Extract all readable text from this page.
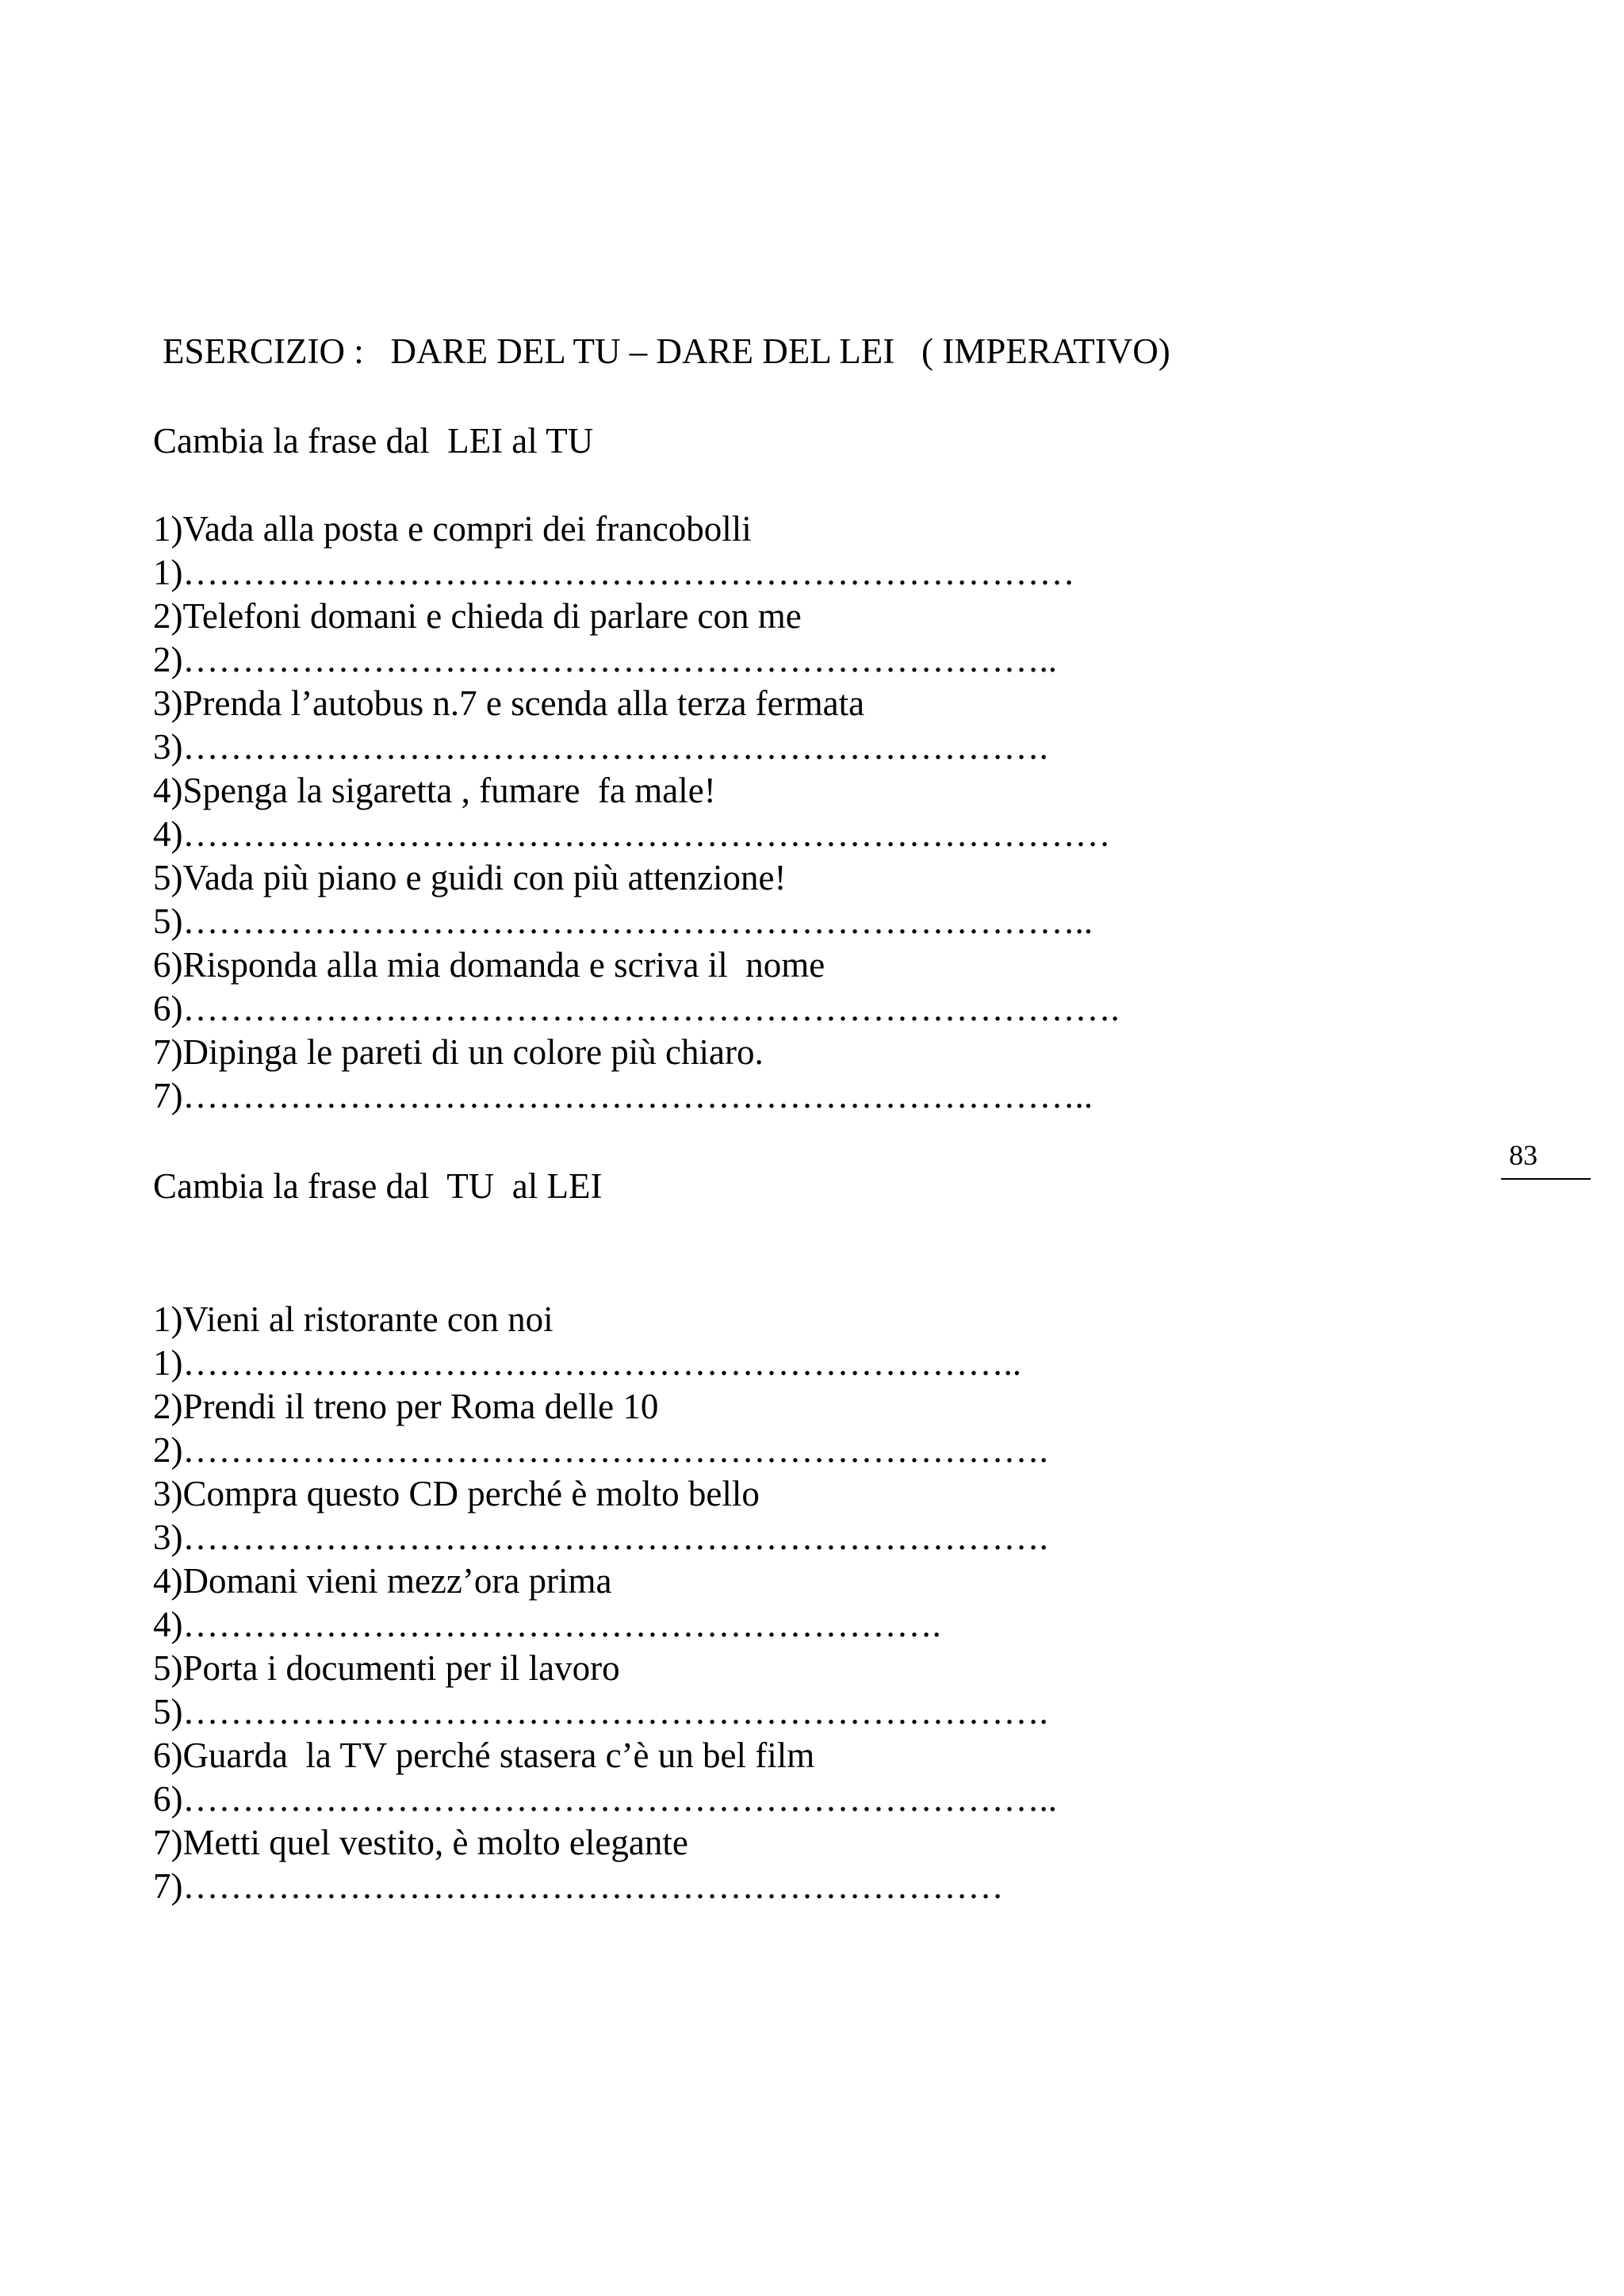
ESERCIZIO :   DARE DEL TU – DARE DEL LEI   ( IMPERATIVO)

Cambia la frase dal  LEI al TU

1)Vada alla posta e compri dei francobolli
1)…………………………………………………………………
2)Telefoni domani e chieda di parlare con me
2)………………………………………………………………..
3)Prenda l’autobus n.7 e scenda alla terza fermata
3)……………………………………………………………….
4)Spenga la sigaretta , fumare  fa male!
4)……………………………………………………………………
5)Vada più piano e guidi con più attenzione!
5)…………………………………………………………………..
6)Risponda alla mia domanda e scriva il  nome
6)…………………………………………………………………….
7)Dipinga le pareti di un colore più chiaro.
7)…………………………………………………………………..
83

Cambia la frase dal  TU  al LEI

1)Vieni al ristorante con noi
1)……………………………………………………………..
2)Prendi il treno per Roma delle 10
2)……………………………………………………………….
3)Compra questo CD perché è molto bello
3)……………………………………………………………….
4)Domani vieni mezz’ora prima
4)……………………………………………………….
5)Porta i documenti per il lavoro
5)……………………………………………………………….
6)Guarda  la TV perché stasera c’è un bel film
6)………………………………………………………………..
7)Metti quel vestito, è molto elegante
7)……………………………………………………………
